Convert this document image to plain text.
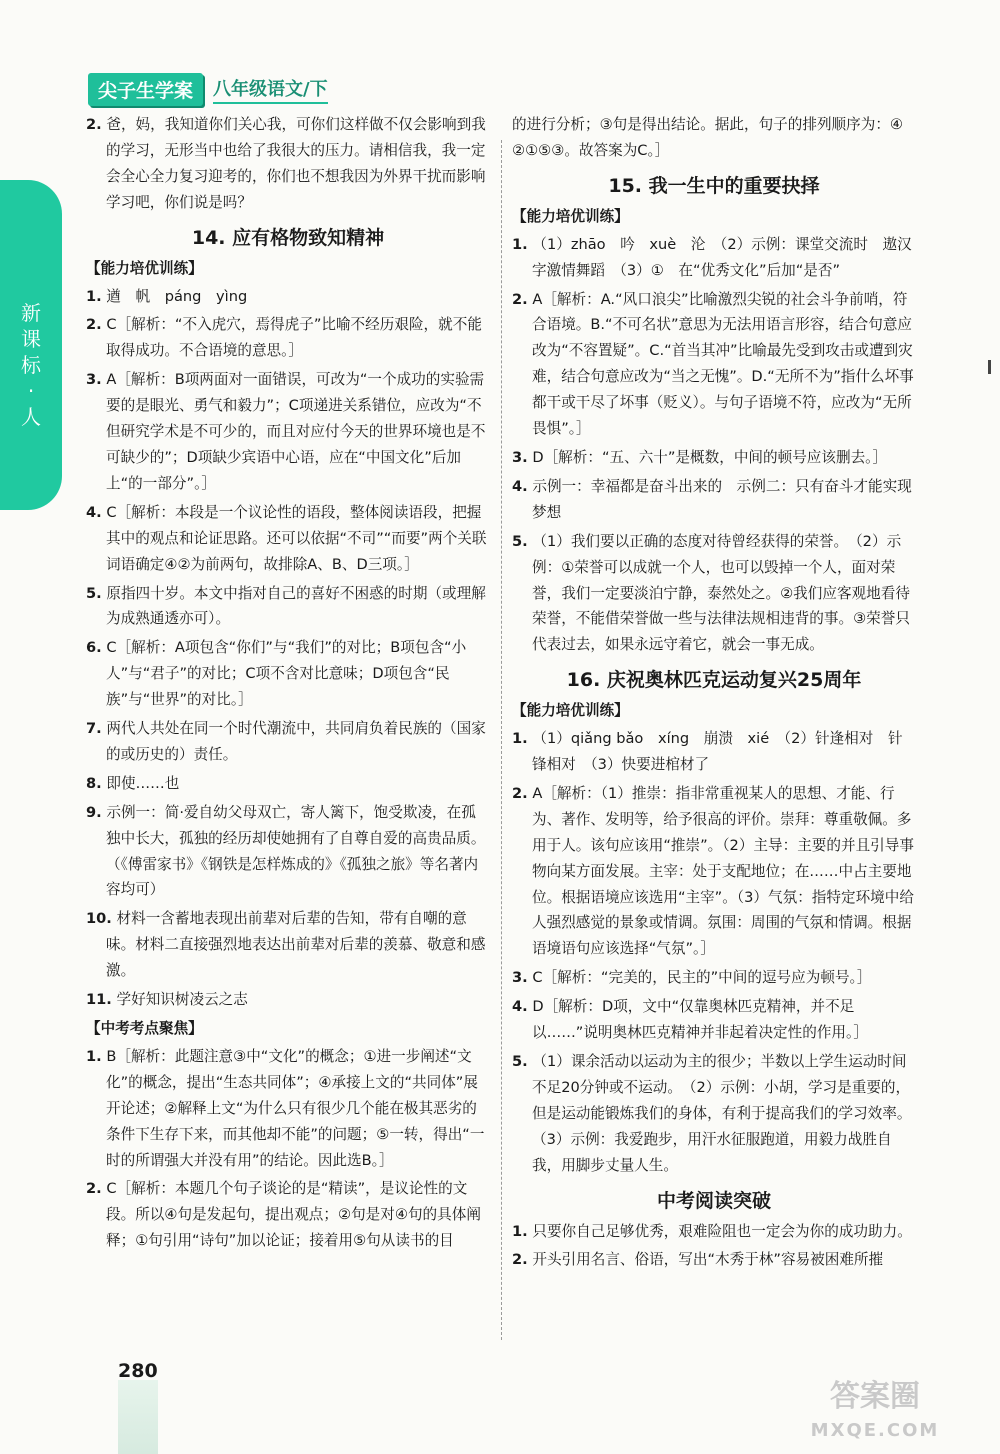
新课标·人
尖子生学案	八年级语文/下
2. 爸，妈，我知道你们关心我，可你们这样做不仅会影响到我的学习，无形当中也给了我很大的压力。请相信我，我一定会全心全力复习迎考的，你们也不想我因为外界干扰而影响学习吧，你们说是吗？
14. 应有格物致知精神
【能力培优训练】
1. 遒　帆　páng　yìng
2. C［解析：“不入虎穴，焉得虎子”比喻不经历艰险，就不能取得成功。不合语境的意思。］
3. A［解析：B项两面对一面错误，可改为“一个成功的实验需要的是眼光、勇气和毅力”；C项递进关系错位，应改为“不但研究学术是不可少的，而且对应付今天的世界环境也是不可缺少的”；D项缺少宾语中心语，应在“中国文化”后加上“的一部分”。］
4. C［解析：本段是一个议论性的语段，整体阅读语段，把握其中的观点和论证思路。还可以依据“不司”“而要”两个关联词语确定④②为前两句，故排除A、B、D三项。］
5. 原指四十岁。本文中指对自己的喜好不困惑的时期（或理解为成熟通透亦可）。
6. C［解析：A项包含“你们”与“我们”的对比；B项包含“小人”与“君子”的对比；C项不含对比意味；D项包含“民族”与“世界”的对比。］
7. 两代人共处在同一个时代潮流中，共同肩负着民族的（国家的或历史的）责任。
8. 即使……也
9. 示例一：简·爱自幼父母双亡，寄人篱下，饱受欺凌，在孤独中长大，孤独的经历却使她拥有了自尊自爱的高贵品质。（《傅雷家书》《钢铁是怎样炼成的》《孤独之旅》等名著内容均可）
10. 材料一含蓄地表现出前辈对后辈的告知，带有自嘲的意味。材料二直接强烈地表达出前辈对后辈的羡慕、敬意和感激。
11. 学好知识树凌云之志
【中考考点聚焦】
1. B［解析：此题注意③中“文化”的概念；①进一步阐述“文化”的概念，提出“生态共同体”；④承接上文的“共同体”展开论述；②解释上文“为什么只有很少几个能在极其恶劣的条件下生存下来，而其他却不能”的问题；⑤一转，得出“一时的所谓强大并没有用”的结论。因此选B。］
2. C［解析：本题几个句子谈论的是“精读”，是议论性的文段。所以④句是发起句，提出观点；②句是对④句的具体阐释；①句引用“诗句”加以论证；接着用⑤句从读书的目
的进行分析；③句是得出结论。据此，句子的排列顺序为：④②①⑤③。故答案为C。］
15. 我一生中的重要抉择
【能力培优训练】
1. （1）zhāo　吟　xuè　沦　（2）示例：课堂交流时　遨汉字激情舞蹈　（3）①　在“优秀文化”后加“是否”
2. A［解析：A.“风口浪尖”比喻激烈尖锐的社会斗争前哨，符合语境。B.“不可名状”意思为无法用语言形容，结合句意应改为“不容置疑”。C.“首当其冲”比喻最先受到攻击或遭到灾难，结合句意应改为“当之无愧”。D.“无所不为”指什么坏事都干或干尽了坏事（贬义）。与句子语境不符，应改为“无所畏惧”。］
3. D［解析：“五、六十”是概数，中间的顿号应该删去。］
4. 示例一：幸福都是奋斗出来的　示例二：只有奋斗才能实现梦想
5. （1）我们要以正确的态度对待曾经获得的荣誉。　（2）示例：①荣誉可以成就一个人，也可以毁掉一个人，面对荣誉，我们一定要淡泊宁静，泰然处之。②我们应客观地看待荣誉，不能借荣誉做一些与法律法规相违背的事。③荣誉只代表过去，如果永远守着它，就会一事无成。
16. 庆祝奥林匹克运动复兴25周年
【能力培优训练】
1. （1）qiǎng bǎo　xíng　崩溃　xié　（2）针逢相对　针锋相对　（3）快要进棺材了
2. A［解析：（1）推崇：指非常重视某人的思想、才能、行为、著作、发明等，给予很高的评价。崇拜：尊重敬佩。多用于人。该句应该用“推崇”。（2）主导：主要的并且引导事物向某方面发展。主宰：处于支配地位；在……中占主要地位。根据语境应该选用“主宰”。（3）气氛：指特定环境中给人强烈感觉的景象或情调。氛围：周围的气氛和情调。根据语境语句应该选择“气氛”。］
3. C［解析：“完美的，民主的”中间的逗号应为顿号。］
4. D［解析：D项，文中“仅靠奥林匹克精神，并不足以……”说明奥林匹克精神并非起着决定性的作用。］
5. （1）课余活动以运动为主的很少；半数以上学生运动时间不足20分钟或不运动。　（2）示例：小胡，学习是重要的，但是运动能锻炼我们的身体，有利于提高我们的学习效率。　（3）示例：我爱跑步，用汗水征服跑道，用毅力战胜自我，用脚步丈量人生。
中考阅读突破
1. 只要你自己足够优秀，艰难险阻也一定会为你的成功助力。
2. 开头引用名言、俗语，写出“木秀于林”容易被困难所摧
280
答案圈
MXQE.COM
